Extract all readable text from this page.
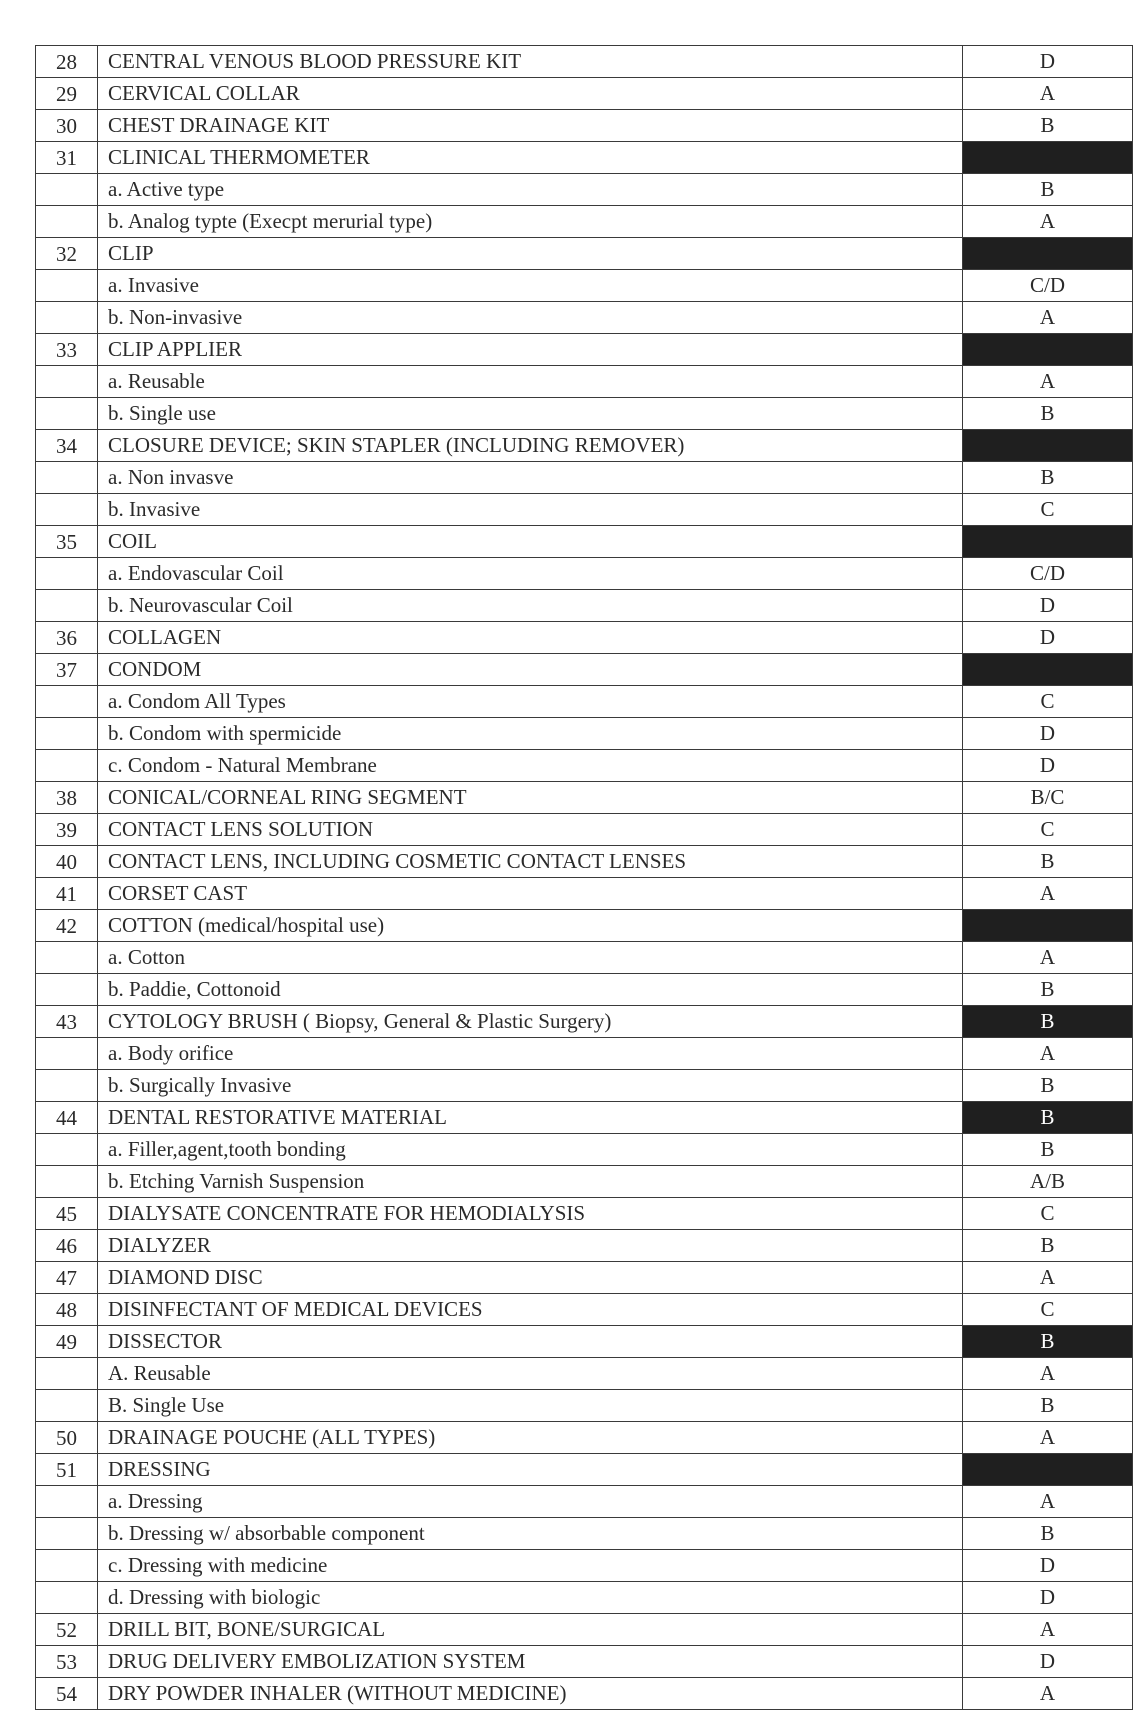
28	CENTRAL VENOUS BLOOD PRESSURE KIT	D
29	CERVICAL COLLAR	A
30	CHEST DRAINAGE KIT	B
31	CLINICAL THERMOMETER	
	a. Active type	B
	b. Analog typte (Execpt merurial type)	A
32	CLIP	
	a. Invasive	C/D
	b. Non-invasive	A
33	CLIP APPLIER	
	a. Reusable	A
	b. Single use	B
34	CLOSURE DEVICE; SKIN STAPLER (INCLUDING REMOVER)	
	a. Non invasve	B
	b. Invasive	C
35	COIL	
	a. Endovascular Coil	C/D
	b. Neurovascular Coil	D
36	COLLAGEN	D
37	CONDOM	
	a. Condom All Types	C
	b. Condom with spermicide	D
	c. Condom - Natural Membrane	D
38	CONICAL/CORNEAL RING SEGMENT	B/C
39	CONTACT LENS SOLUTION	C
40	CONTACT LENS, INCLUDING COSMETIC CONTACT LENSES	B
41	CORSET CAST	A
42	COTTON (medical/hospital use)	
	a. Cotton	A
	b. Paddie, Cottonoid	B
43	CYTOLOGY BRUSH ( Biopsy, General & Plastic Surgery)	B
	a. Body orifice	A
	b. Surgically Invasive	B
44	DENTAL RESTORATIVE MATERIAL	B
	a. Filler,agent,tooth bonding	B
	b. Etching Varnish Suspension	A/B
45	DIALYSATE CONCENTRATE FOR HEMODIALYSIS	C
46	DIALYZER	B
47	DIAMOND DISC	A
48	DISINFECTANT OF MEDICAL DEVICES	C
49	DISSECTOR	B
	A. Reusable	A
	B. Single Use	B
50	DRAINAGE POUCHE (ALL TYPES)	A
51	DRESSING	
	a. Dressing	A
	b. Dressing w/ absorbable component	B
	c. Dressing with medicine	D
	d. Dressing with biologic	D
52	DRILL BIT, BONE/SURGICAL	A
53	DRUG DELIVERY EMBOLIZATION SYSTEM	D
54	DRY POWDER INHALER (WITHOUT MEDICINE)	A
